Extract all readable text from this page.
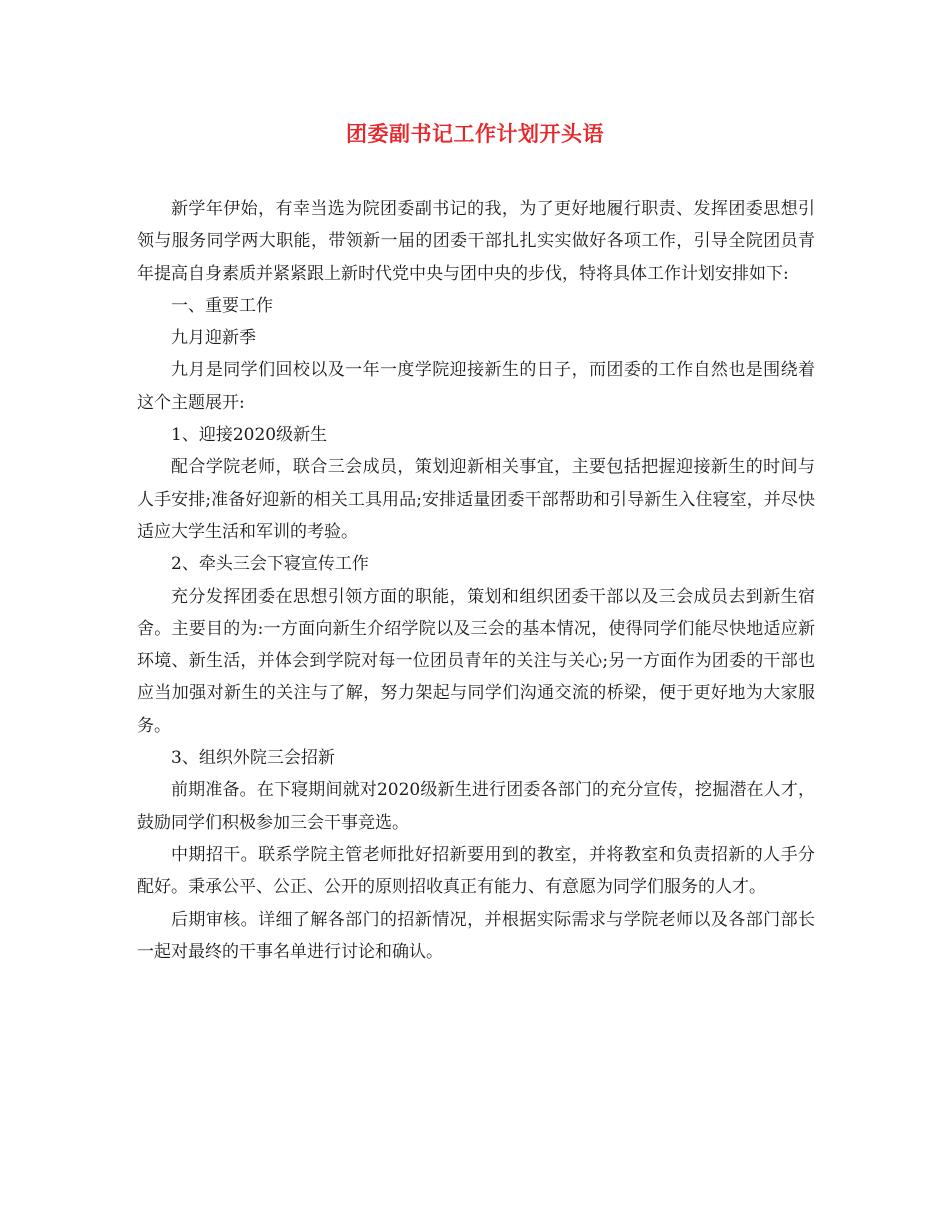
团委副书记工作计划开头语

新学年伊始，有幸当选为院团委副书记的我，为了更好地履行职责、发挥团委思想引领与服务同学两大职能，带领新一届的团委干部扎扎实实做好各项工作，引导全院团员青年提高自身素质并紧紧跟上新时代党中央与团中央的步伐，特将具体工作计划安排如下:

一、重要工作

九月迎新季

九月是同学们回校以及一年一度学院迎接新生的日子，而团委的工作自然也是围绕着这个主题展开:

1、迎接2020级新生

配合学院老师，联合三会成员，策划迎新相关事宜，主要包括把握迎接新生的时间与人手安排;准备好迎新的相关工具用品;安排适量团委干部帮助和引导新生入住寝室，并尽快适应大学生活和军训的考验。

2、牵头三会下寝宣传工作

充分发挥团委在思想引领方面的职能，策划和组织团委干部以及三会成员去到新生宿舍。主要目的为:一方面向新生介绍学院以及三会的基本情况，使得同学们能尽快地适应新环境、新生活，并体会到学院对每一位团员青年的关注与关心;另一方面作为团委的干部也应当加强对新生的关注与了解，努力架起与同学们沟通交流的桥梁，便于更好地为大家服务。

3、组织外院三会招新

前期准备。在下寝期间就对2020级新生进行团委各部门的充分宣传，挖掘潜在人才，鼓励同学们积极参加三会干事竞选。

中期招干。联系学院主管老师批好招新要用到的教室，并将教室和负责招新的人手分配好。秉承公平、公正、公开的原则招收真正有能力、有意愿为同学们服务的人才。

后期审核。详细了解各部门的招新情况，并根据实际需求与学院老师以及各部门部长一起对最终的干事名单进行讨论和确认。
